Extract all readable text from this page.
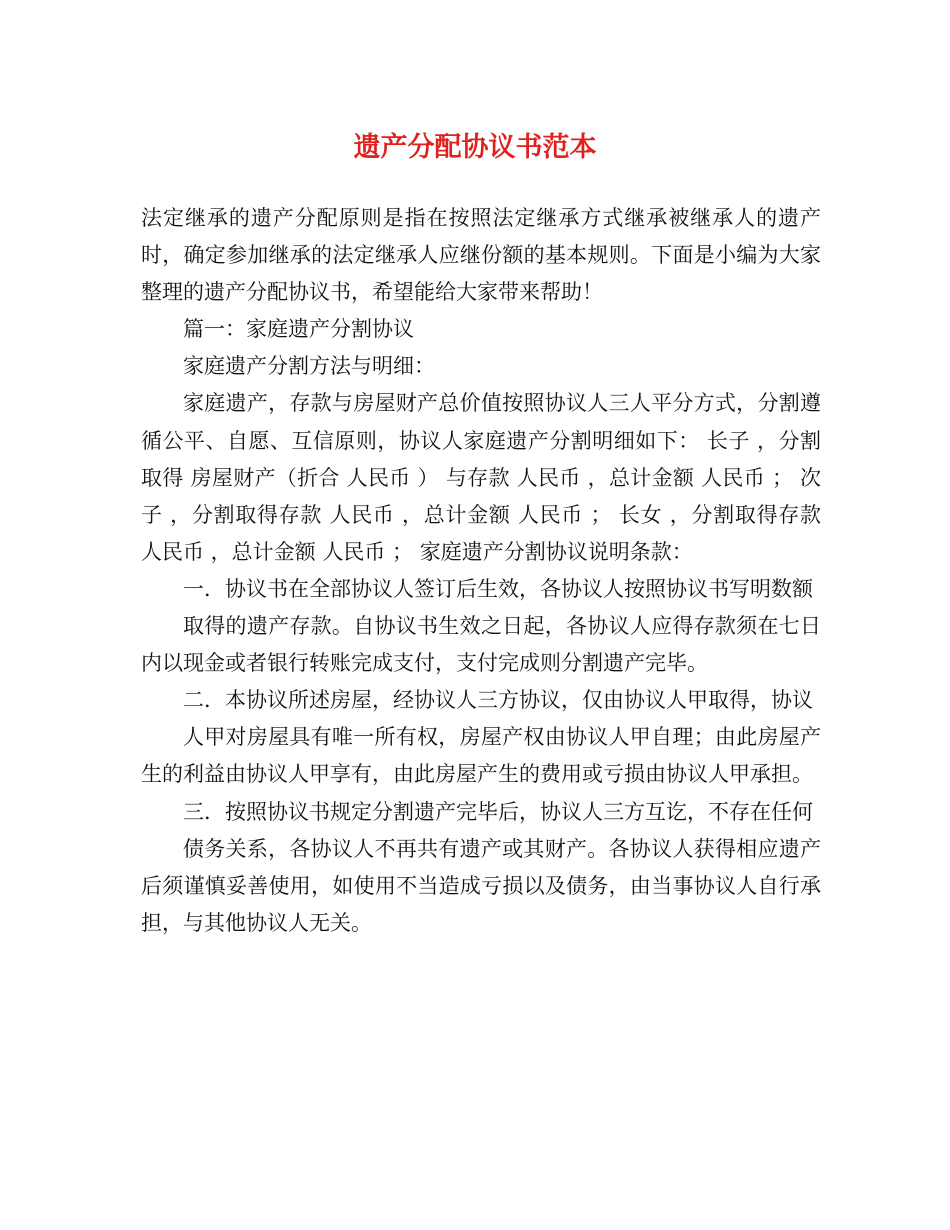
遗产分配协议书范本

法定继承的遗产分配原则是指在按照法定继承方式继承被继承人的遗产时，确定参加继承的法定继承人应继份额的基本规则。下面是小编为大家整理的遗产分配协议书，希望能给大家带来帮助！

篇一：家庭遗产分割协议

家庭遗产分割方法与明细：

家庭遗产，存款与房屋财产总价值按照协议人三人平分方式，分割遵循公平、自愿、互信原则，协议人家庭遗产分割明细如下： 长子 ，分割取得 房屋财产（折合 人民币 ） 与存款 人民币 ，总计金额 人民币 ； 次子 ，分割取得存款 人民币 ，总计金额 人民币 ； 长女 ，分割取得存款 人民币 ，总计金额 人民币 ； 家庭遗产分割协议说明条款：

一．协议书在全部协议人签订后生效，各协议人按照协议书写明数额

取得的遗产存款。自协议书生效之日起，各协议人应得存款须在七日内以现金或者银行转账完成支付，支付完成则分割遗产完毕。

二．本协议所述房屋，经协议人三方协议，仅由协议人甲取得，协议

人甲对房屋具有唯一所有权，房屋产权由协议人甲自理；由此房屋产生的利益由协议人甲享有，由此房屋产生的费用或亏损由协议人甲承担。

三．按照协议书规定分割遗产完毕后，协议人三方互讫，不存在任何

债务关系，各协议人不再共有遗产或其财产。各协议人获得相应遗产后须谨慎妥善使用，如使用不当造成亏损以及债务，由当事协议人自行承担，与其他协议人无关。
